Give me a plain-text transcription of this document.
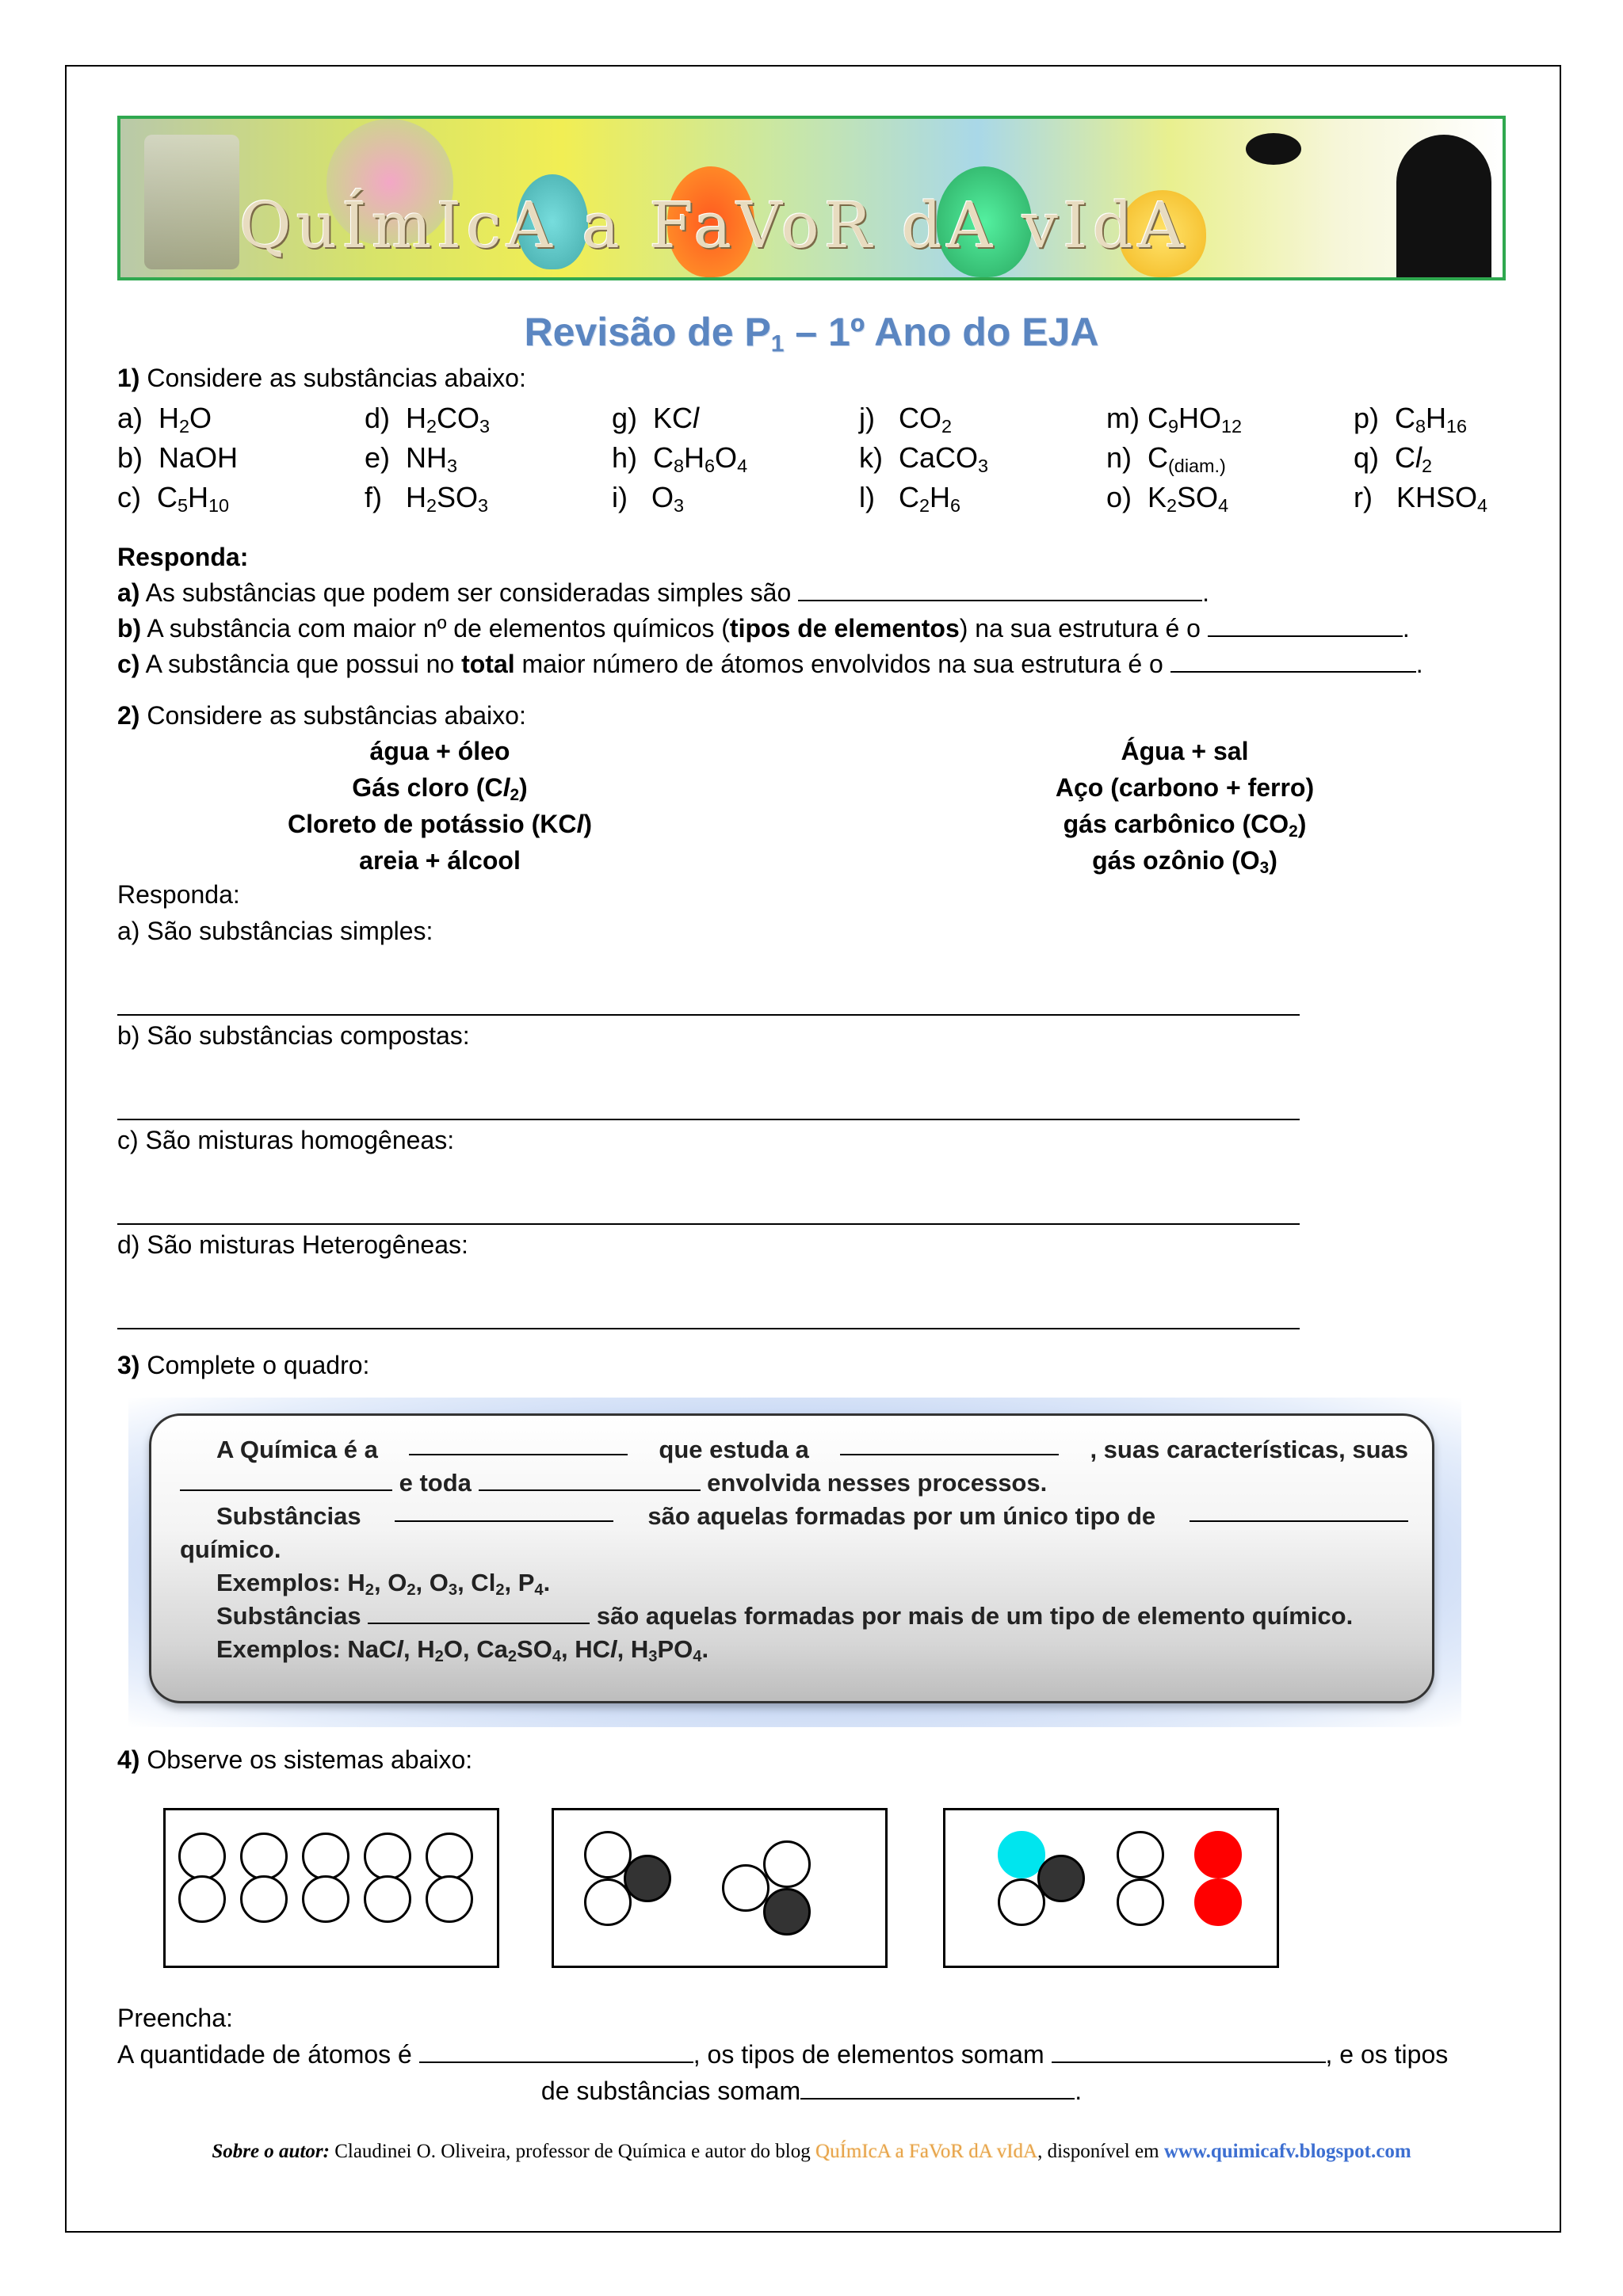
QuÍmIcA a FaVoR dA vIdA
Revisão de $P_1$ – 1º Ano do EJA
1) Considere as substâncias abaixo:
a)  $H_2O$	d)  $H_2CO_3$	g)  KCl	j)   $CO_2$	m) $C_9HO_{12}$	p)  $C_8H_{16}$
b)  NaOH	e)  $NH_3$	h)  $C_8H_6O_4$	k)  CaCO$_3$	n)  $C_{(diam.)}$	q)  $Cl_2$
c)  $C_5H_{10}$	f)   $H_2SO_3$	i)   $O_3$	l)   $C_2H_6$	o)  $K_2SO_4$	r)   $KHSO_4$
Responda:
a) As substâncias que podem ser consideradas simples são	.
b) A substância com maior nº de elementos químicos (tipos de elementos) na sua estrutura é o	.
c) A substância que possui no total maior número de átomos envolvidos na sua estrutura é o	.
2) Considere as substâncias abaixo:
água + óleo
Gás cloro $(Cl_2)$
Cloreto de potássio (KCl)
areia + álcool
Água + sal
Aço (carbono + ferro)
gás carbônico $(CO_2)$
gás ozônio $(O_3)$
Responda:
a) São substâncias simples:
b) São substâncias compostas:
c) São misturas homogêneas:
d) São misturas Heterogêneas:
3) Complete o quadro:
A Química é a	que estuda a	, suas características, suas
e toda	envolvida nesses processos.
Substâncias	são aquelas formadas por um único tipo de
químico.
Exemplos: $H_2$, $O_2$, $O_3$, $Cl_2$, $P_4$.
Substâncias	são aquelas formadas por mais de um tipo de elemento químico.
Exemplos: NaCl, $H_2O$, $Ca_2SO_4$, HCl, $H_3PO_4$.
4) Observe os sistemas abaixo:
Preencha:
A quantidade de átomos é	, os tipos de elementos somam	, e os tipos
de substâncias somam	.
Sobre o autor: Claudinei O. Oliveira, professor de Química e autor do blog QuÍmIcA a FaVoR dA vIdA, disponível em www.quimicafv.blogspot.com
